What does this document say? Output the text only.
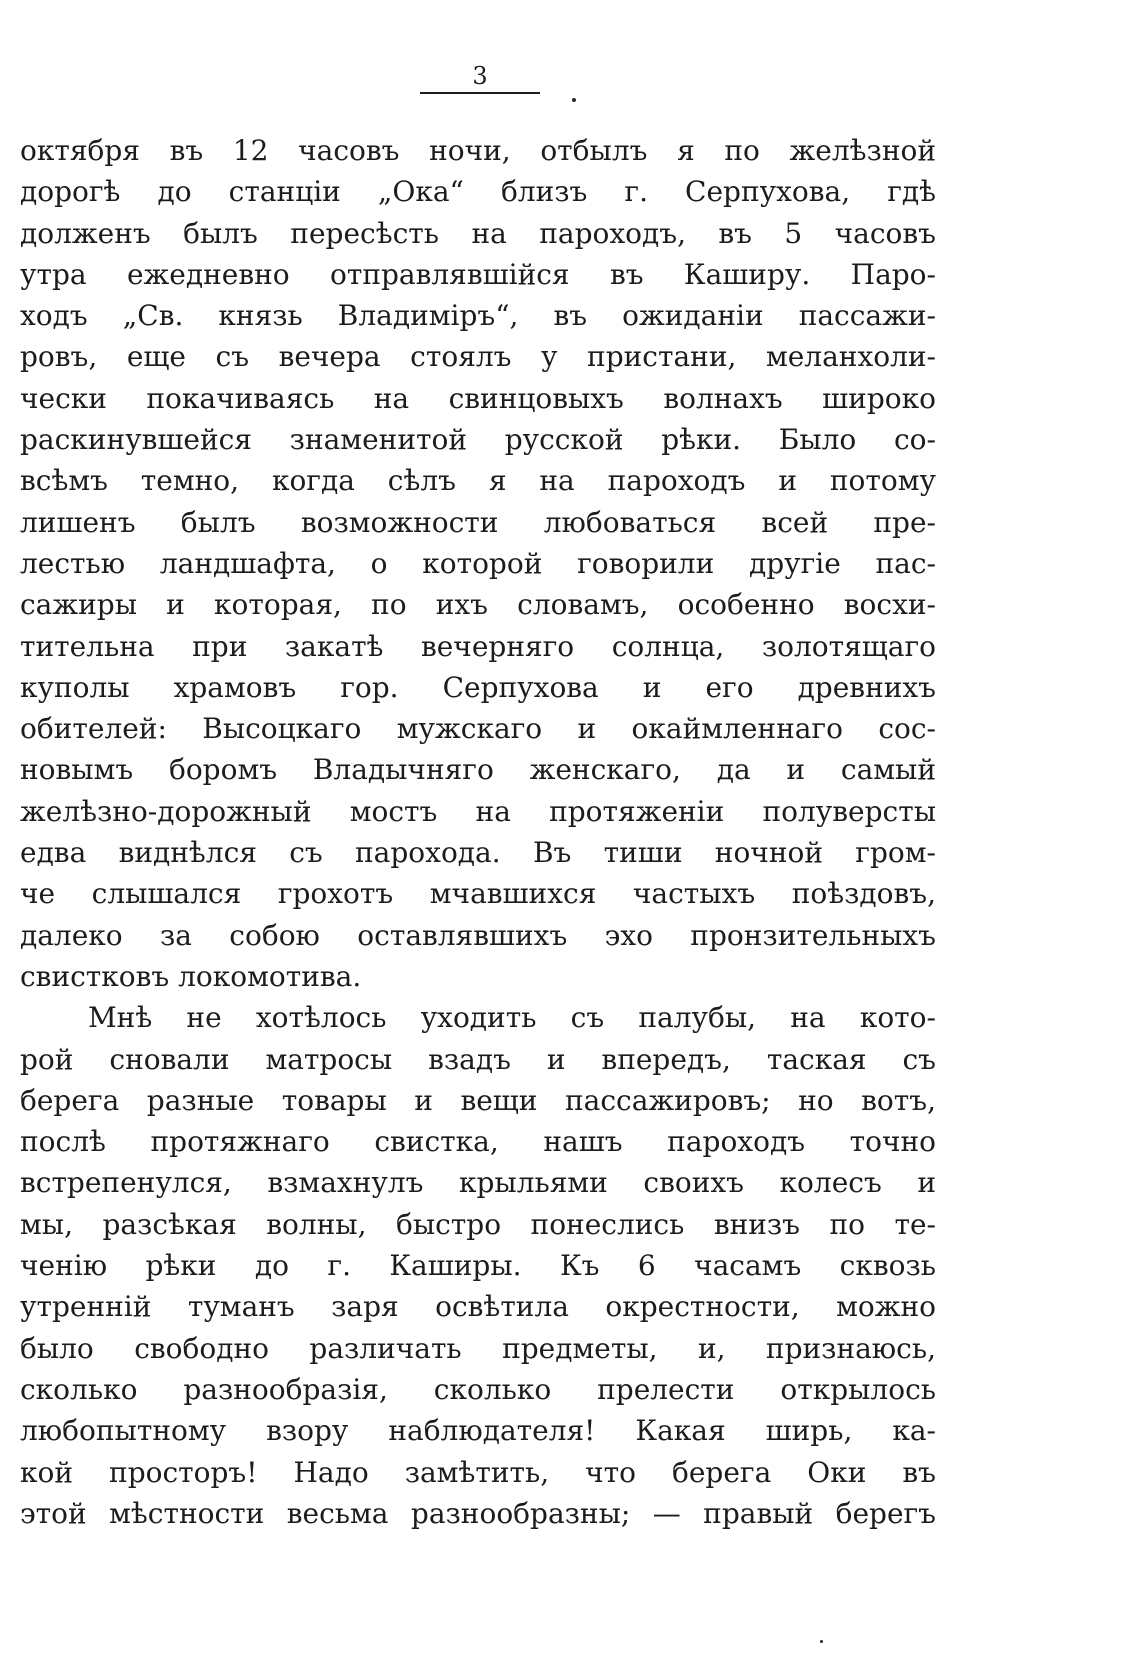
3
октября въ 12 часовъ ночи, отбылъ я по желѣзной
дорогѣ до станціи „Ока“ близъ г. Серпухова, гдѣ
долженъ былъ пересѣсть на пароходъ, въ 5 часовъ
утра ежедневно отправлявшійся въ Каширу. Паро-
ходъ „Св. князь Владиміръ“, въ ожиданіи пассажи-
ровъ, еще съ вечера стоялъ у пристани, меланхоли-
чески покачиваясь на свинцовыхъ волнахъ широко
раскинувшейся знаменитой русской рѣки. Было со-
всѣмъ темно, когда сѣлъ я на пароходъ и потому
лишенъ былъ возможности любоваться всей пре-
лестью ландшафта, о которой говорили другіе пас-
сажиры и которая, по ихъ словамъ, особенно восхи-
тительна при закатѣ вечерняго солнца, золотящаго
куполы храмовъ гор. Серпухова и его древнихъ
обителей: Высоцкаго мужскаго и окаймленнаго сос-
новымъ боромъ Владычняго женскаго, да и самый
желѣзно-дорожный мостъ на протяженіи полуверсты
едва виднѣлся съ парохода. Въ тиши ночной гром-
че слышался грохотъ мчавшихся частыхъ поѣздовъ,
далеко за собою оставлявшихъ эхо пронзительныхъ
свистковъ локомотива.
Мнѣ не хотѣлось уходить съ палубы, на кото-
рой сновали матросы взадъ и впередъ, таская съ
берега разные товары и вещи пассажировъ; но вотъ,
послѣ протяжнаго свистка, нашъ пароходъ точно
встрепенулся, взмахнулъ крыльями своихъ колесъ и
мы, разсѣкая волны, быстро понеслись внизъ по те-
ченію рѣки до г. Каширы. Къ 6 часамъ сквозь
утренній туманъ заря освѣтила окрестности, можно
было свободно различать предметы, и, признаюсь,
сколько разнообразія, сколько прелести открылось
любопытному взору наблюдателя! Какая ширь, ка-
кой просторъ! Надо замѣтить, что берега Оки въ
этой мѣстности весьма разнообразны; — правый берегъ
